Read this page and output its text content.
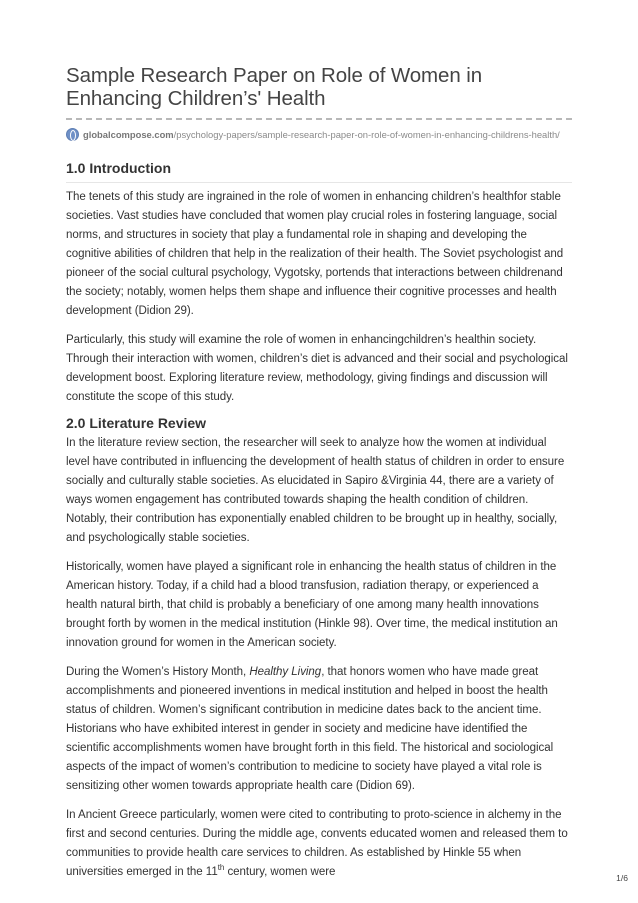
Sample Research Paper on Role of Women in
Enhancing Children’s' Health
globalcompose.com /psychology-papers/sample-research-paper-on-role-of-women-in-enhancing-childrens-health/
1.0 Introduction

The tenets of this study are ingrained in the role of women in enhancing children’s healthfor stable societies. Vast studies have concluded that women play crucial roles in fostering language, social norms, and structures in society that play a fundamental role in shaping and developing the cognitive abilities of children that help in the realization of their health. The Soviet psychologist and pioneer of the social cultural psychology, Vygotsky, portends that interactions between childrenand the society; notably, women helps them shape and influence their cognitive processes and health development (Didion 29).

Particularly, this study will examine the role of women in enhancingchildren’s healthin society. Through their interaction with women, children’s diet is advanced and their social and psychological development boost. Exploring literature review, methodology, giving findings and discussion will constitute the scope of this study.

2.0 Literature Review

In the literature review section, the researcher will seek to analyze how the women at individual level have contributed in influencing the development of health status of children in order to ensure socially and culturally stable societies. As elucidated in Sapiro &Virginia 44, there are a variety of ways women engagement has contributed towards shaping the health condition of children. Notably, their contribution has exponentially enabled children to be brought up in healthy, socially, and psychologically stable societies.

Historically, women have played a significant role in enhancing the health status of children in the American history. Today, if a child had a blood transfusion, radiation therapy, or experienced a health natural birth, that child is probably a beneficiary of one among many health innovations brought forth by women in the medical institution (Hinkle 98). Over time, the medical institution an innovation ground for women in the American society.

During the Women’s History Month, Healthy Living, that honors women who have made great accomplishments and pioneered inventions in medical institution and helped in boost the health status of children. Women’s significant contribution in medicine dates back to the ancient time. Historians who have exhibited interest in gender in society and medicine have identified the scientific accomplishments women have brought forth in this field. The historical and sociological aspects of the impact of women’s contribution to medicine to society have played a vital role is sensitizing other women towards appropriate health care (Didion 69).

In Ancient Greece particularly, women were cited to contributing to proto-science in alchemy in the first and second centuries. During the middle age, convents educated women and released them to communities to provide health care services to children. As established by Hinkle 55 when universities emerged in the 11th century, women were	1/6
